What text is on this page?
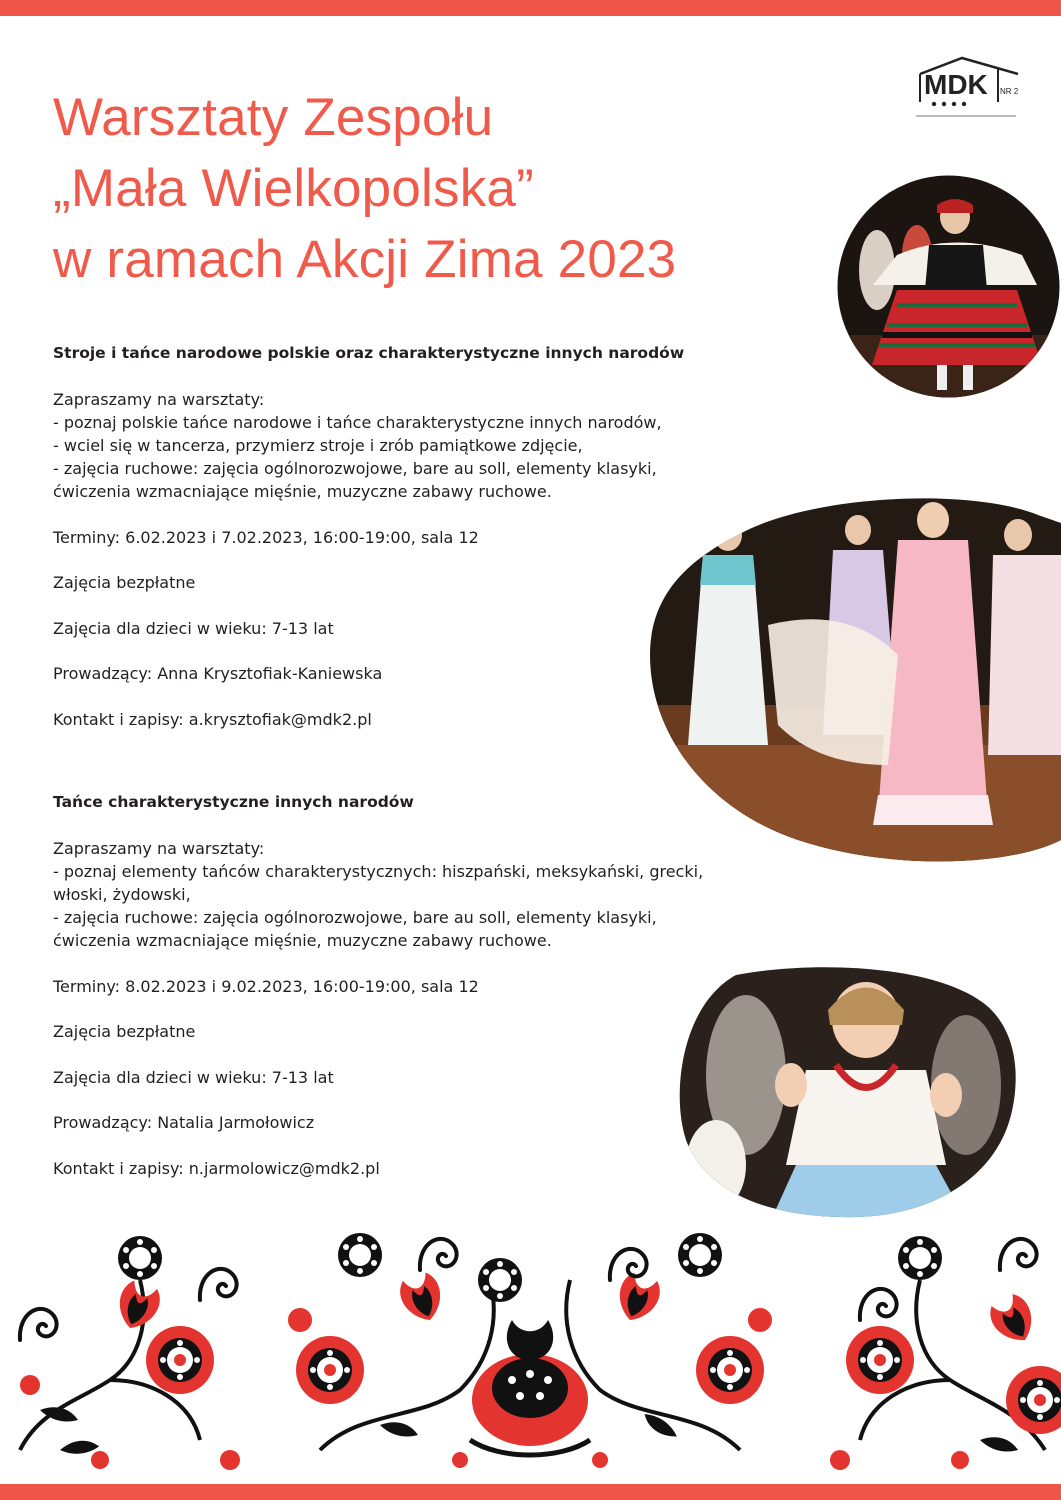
Warsztaty Zespołu
„Mała Wielkopolska”
w ramach Akcji Zima 2023
MDK NR 2
Stroje i tańce narodowe polskie oraz charakterystyczne innych narodów

Zapraszamy na warsztaty:

- poznaj polskie tańce narodowe i tańce charakterystyczne innych narodów,
- wciel się w tancerza, przymierz stroje i zrób pamiątkowe zdjęcie,
- zajęcia ruchowe: zajęcia ogólnorozwojowe, bare au soll, elementy klasyki,
ćwiczenia wzmacniające mięśnie, muzyczne zabawy ruchowe.

Terminy: 6.02.2023 i 7.02.2023, 16:00-19:00, sala 12

Zajęcia bezpłatne

Zajęcia dla dzieci w wieku: 7-13 lat

Prowadzący: Anna Krysztofiak-Kaniewska

Kontakt i zapisy: a.krysztofiak@mdk2.pl

Tańce charakterystyczne innych narodów

Zapraszamy na warsztaty:

- poznaj elementy tańców charakterystycznych: hiszpański, meksykański, grecki,
włoski, żydowski,
- zajęcia ruchowe: zajęcia ogólnorozwojowe, bare au soll, elementy klasyki,
ćwiczenia wzmacniające mięśnie, muzyczne zabawy ruchowe.

Terminy: 8.02.2023 i 9.02.2023, 16:00-19:00, sala 12

Zajęcia bezpłatne

Zajęcia dla dzieci w wieku: 7-13 lat

Prowadzący: Natalia Jarmołowicz

Kontakt i zapisy: n.jarmolowicz@mdk2.pl
